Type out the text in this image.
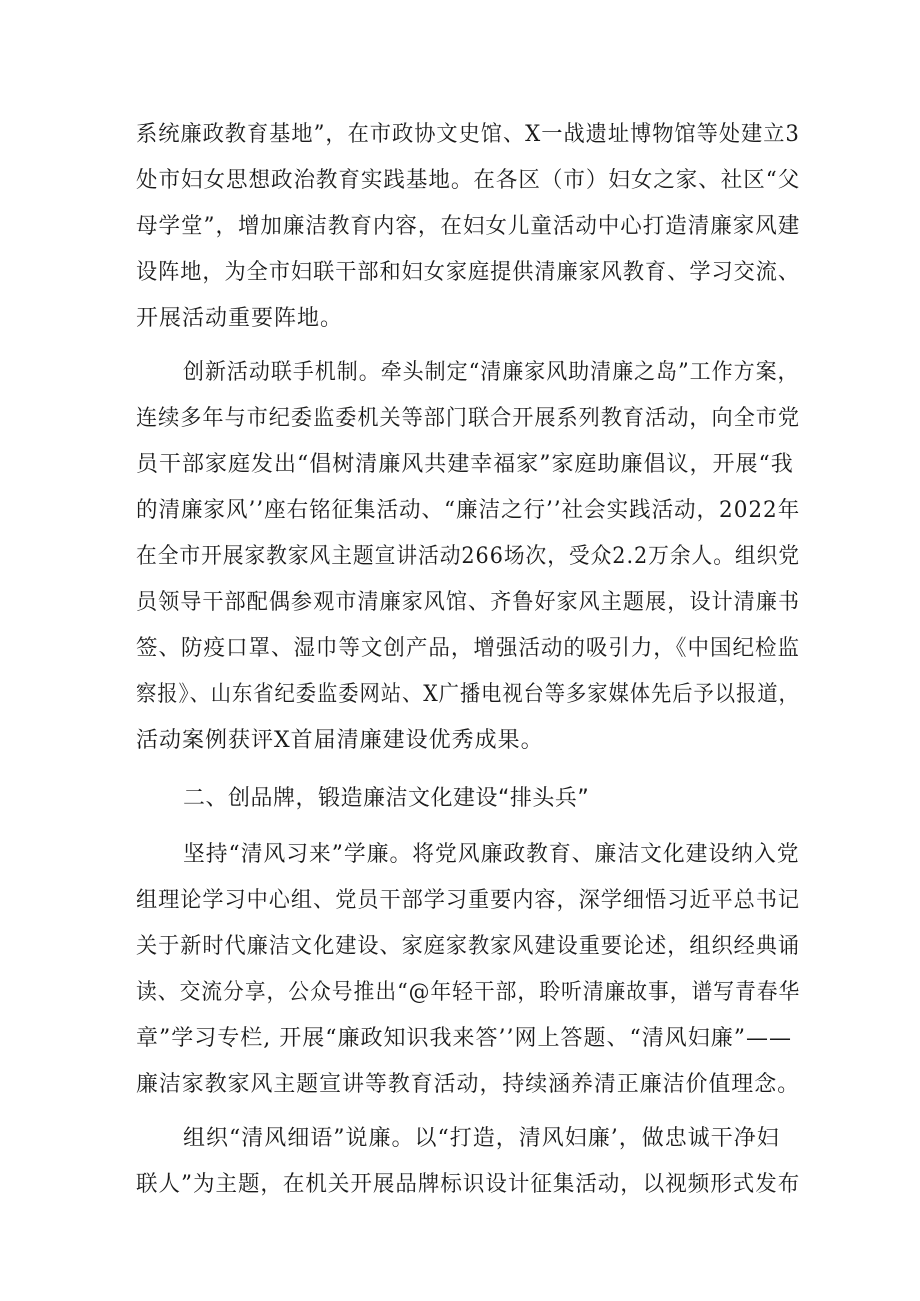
系统廉政教育基地”，在市政协文史馆、X一战遗址博物馆等处建立3
处市妇女思想政治教育实践基地。在各区（市）妇女之家、社区“父
母学堂”，增加廉洁教育内容，在妇女儿童活动中心打造清廉家风建
设阵地，为全市妇联干部和妇女家庭提供清廉家风教育、学习交流、
开展活动重要阵地。
创新活动联手机制。牵头制定“清廉家风助清廉之岛”工作方案，
连续多年与市纪委监委机关等部门联合开展系列教育活动，向全市党
员干部家庭发出“倡树清廉风共建幸福家”家庭助廉倡议，开展“我
的清廉家风’’座右铭征集活动、“廉洁之行’’社会实践活动，2022年
在全市开展家教家风主题宣讲活动266场次，受众2.2万余人。组织党
员领导干部配偶参观市清廉家风馆、齐鲁好家风主题展，设计清廉书
签、防疫口罩、湿巾等文创产品，增强活动的吸引力，《中国纪检监
察报》、山东省纪委监委网站、X广播电视台等多家媒体先后予以报道，
活动案例获评X首届清廉建设优秀成果。
二、创品牌，锻造廉洁文化建设“排头兵”
坚持“清风习来”学廉。将党风廉政教育、廉洁文化建设纳入党
组理论学习中心组、党员干部学习重要内容，深学细悟习近平总书记
关于新时代廉洁文化建设、家庭家教家风建设重要论述，组织经典诵
读、交流分享，公众号推出“@年轻干部，聆听清廉故事，谱写青春华
章”学习专栏, 开展“廉政知识我来答’’网上答题、“清风妇廉”——
廉洁家教家风主题宣讲等教育活动，持续涵养清正廉洁价值理念。
组织“清风细语”说廉。以“打造，清风妇廉’，做忠诚干净妇
联人”为主题，在机关开展品牌标识设计征集活动，以视频形式发布
